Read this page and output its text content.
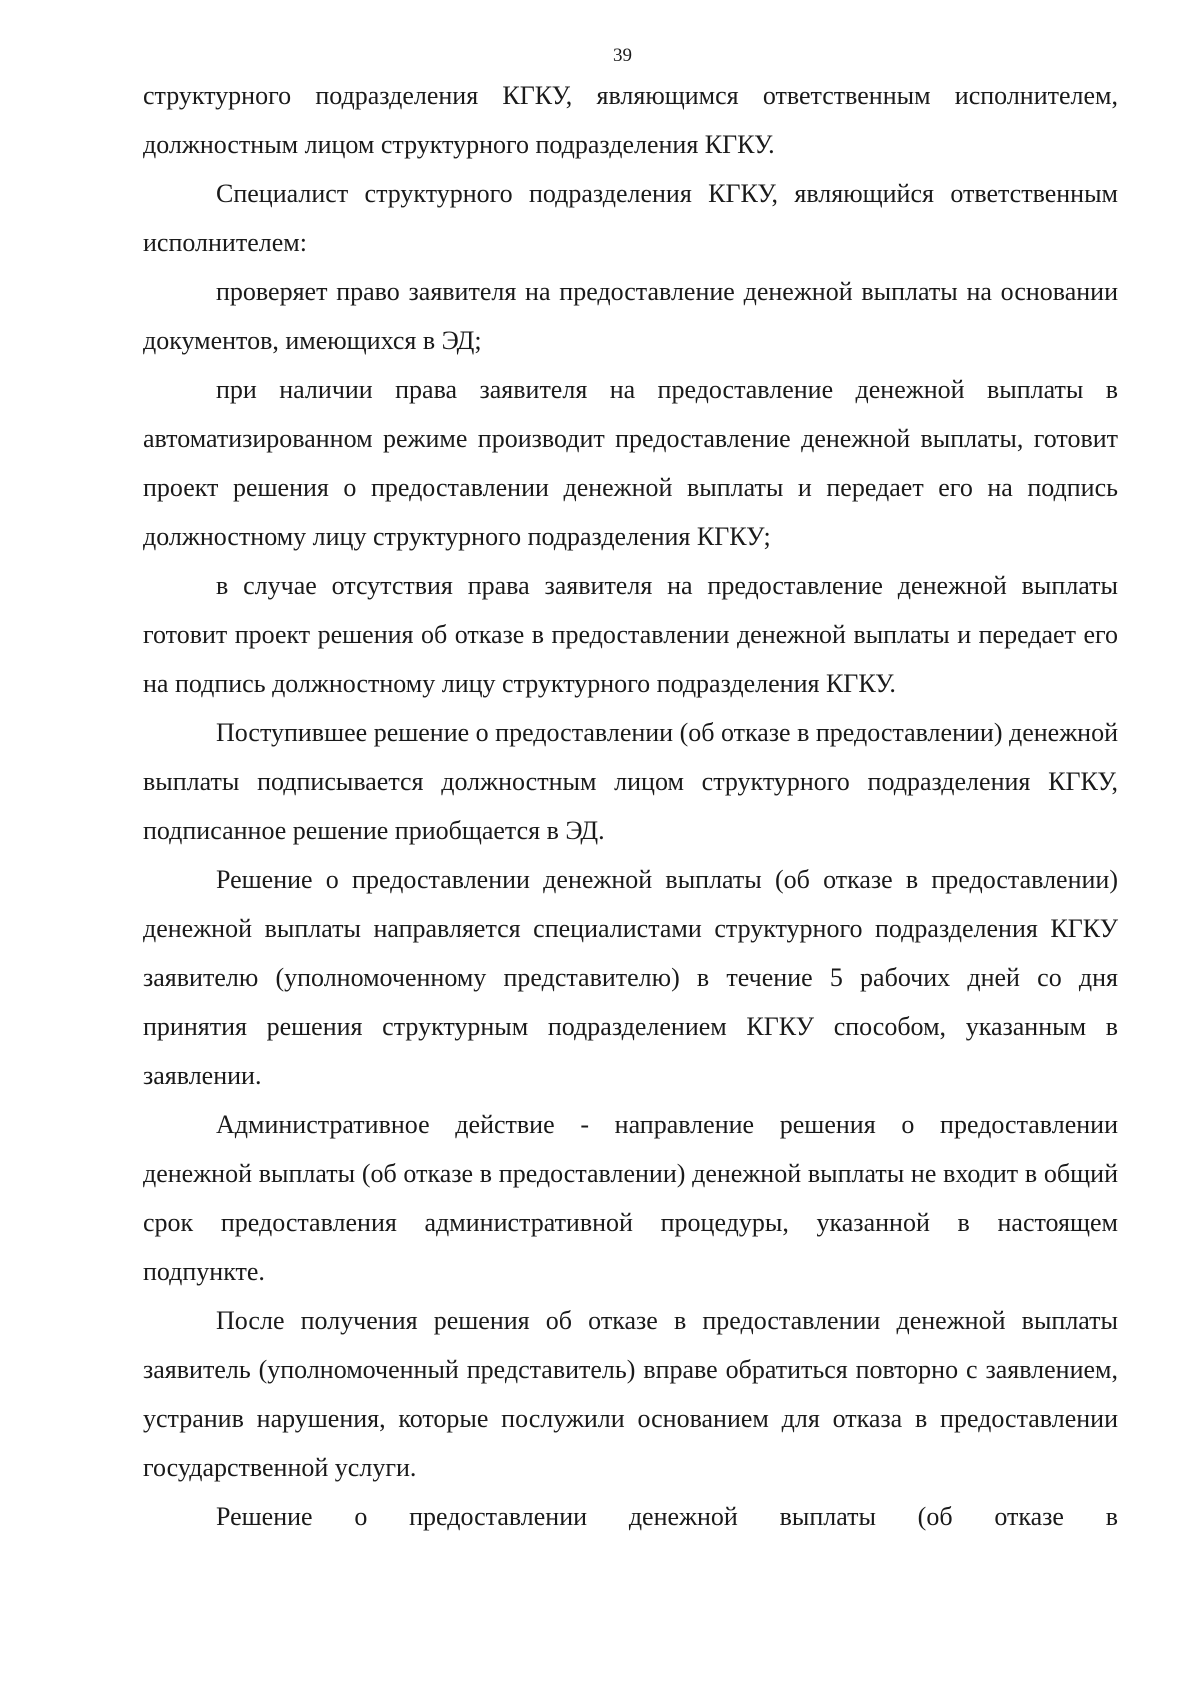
39

структурного подразделения КГКУ, являющимся ответственным исполнителем, должностным лицом структурного подразделения КГКУ.

Специалист структурного подразделения КГКУ, являющийся ответственным исполнителем:

проверяет право заявителя на предоставление денежной выплаты на основании документов, имеющихся в ЭД;

при наличии права заявителя на предоставление денежной выплаты в автоматизированном режиме производит предоставление денежной выплаты, готовит проект решения о предоставлении денежной выплаты и передает его на подпись должностному лицу структурного подразделения КГКУ;

в случае отсутствия права заявителя на предоставление денежной выплаты готовит проект решения об отказе в предоставлении денежной выплаты и передает его на подпись должностному лицу структурного подразделения КГКУ.

Поступившее решение о предоставлении (об отказе в предоставлении) денежной выплаты подписывается должностным лицом структурного подразделения КГКУ, подписанное решение приобщается в ЭД.

Решение о предоставлении денежной выплаты (об отказе в предоставлении) денежной выплаты направляется специалистами структурного подразделения КГКУ заявителю (уполномоченному представителю) в течение 5 рабочих дней со дня принятия решения структурным подразделением КГКУ способом, указанным в заявлении.

Административное действие - направление решения о предоставлении денежной выплаты (об отказе в предоставлении) денежной выплаты не входит в общий срок предоставления административной процедуры, указанной в настоящем подпункте.

После получения решения об отказе в предоставлении денежной выплаты заявитель (уполномоченный представитель) вправе обратиться повторно с заявлением, устранив нарушения, которые послужили основанием для отказа в предоставлении государственной услуги.

Решение о предоставлении денежной выплаты (об отказе в
